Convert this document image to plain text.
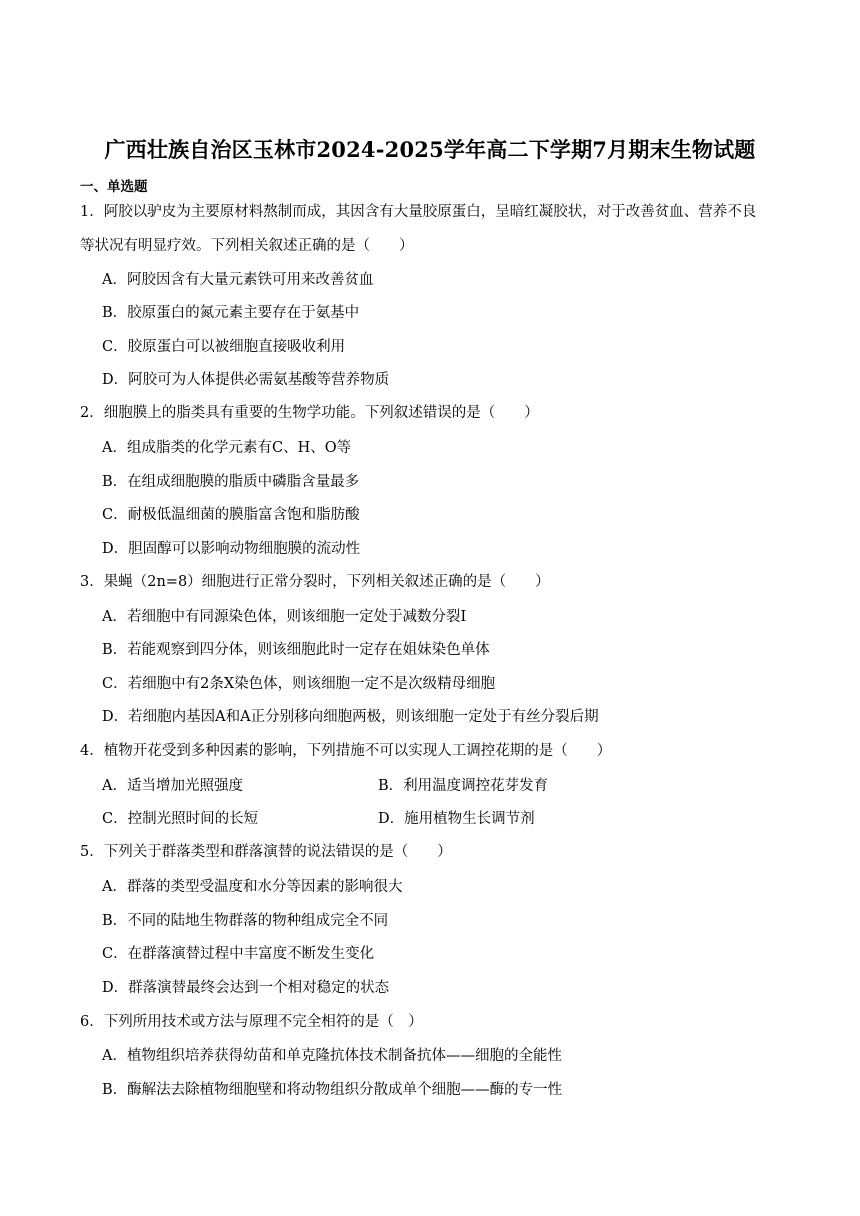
广西壮族自治区玉林市2024-2025学年高二下学期7月期末生物试题
一、单选题
1．阿胶以驴皮为主要原材料熬制而成，其因含有大量胶原蛋白，呈暗红凝胶状，对于改善贫血、营养不良
等状况有明显疗效。下列相关叙述正确的是（　　）
A．阿胶因含有大量元素铁可用来改善贫血
B．胶原蛋白的氮元素主要存在于氨基中
C．胶原蛋白可以被细胞直接吸收利用
D．阿胶可为人体提供必需氨基酸等营养物质
2．细胞膜上的脂类具有重要的生物学功能。下列叙述错误的是（　　）
A．组成脂类的化学元素有C、H、O等
B．在组成细胞膜的脂质中磷脂含量最多
C．耐极低温细菌的膜脂富含饱和脂肪酸
D．胆固醇可以影响动物细胞膜的流动性
3．果蝇（2n=8）细胞进行正常分裂时，下列相关叙述正确的是（　　）
A．若细胞中有同源染色体，则该细胞一定处于减数分裂I
B．若能观察到四分体，则该细胞此时一定存在姐妹染色单体
C．若细胞中有2条X染色体，则该细胞一定不是次级精母细胞
D．若细胞内基因A和A正分别移向细胞两极，则该细胞一定处于有丝分裂后期
4．植物开花受到多种因素的影响，下列措施不可以实现人工调控花期的是（　　）
A．适当增加光照强度	B．利用温度调控花芽发育
C．控制光照时间的长短	D．施用植物生长调节剂
5．下列关于群落类型和群落演替的说法错误的是（　　）
A．群落的类型受温度和水分等因素的影响很大
B．不同的陆地生物群落的物种组成完全不同
C．在群落演替过程中丰富度不断发生变化
D．群落演替最终会达到一个相对稳定的状态
6．下列所用技术或方法与原理不完全相符的是（　）
A．植物组织培养获得幼苗和单克隆抗体技术制备抗体——细胞的全能性
B．酶解法去除植物细胞壁和将动物组织分散成单个细胞——酶的专一性
